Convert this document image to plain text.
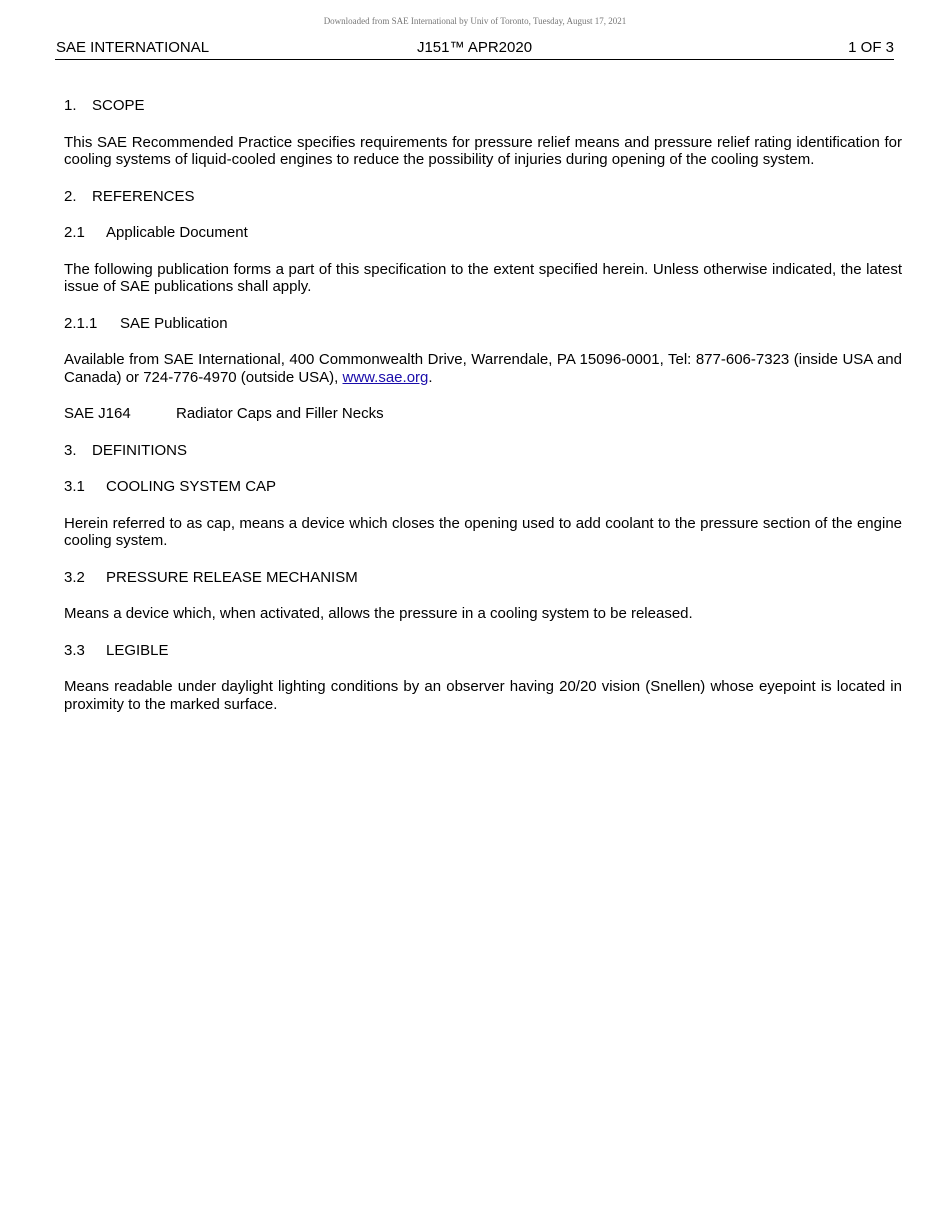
Downloaded from SAE International by Univ of Toronto, Tuesday, August 17, 2021
SAE INTERNATIONAL	J151™ APR2020	1 OF 3
1. SCOPE

This SAE Recommended Practice specifies requirements for pressure relief means and pressure relief rating identification for cooling systems of liquid-cooled engines to reduce the possibility of injuries during opening of the cooling system.

2. REFERENCES
2.1 Applicable Document

The following publication forms a part of this specification to the extent specified herein. Unless otherwise indicated, the latest issue of SAE publications shall apply.

2.1.1 SAE Publication

Available from SAE International, 400 Commonwealth Drive, Warrendale, PA 15096-0001, Tel: 877-606-7323 (inside USA and Canada) or 724-776-4970 (outside USA), www.sae.org.

SAE J164	Radiator Caps and Filler Necks
3. DEFINITIONS
3.1 COOLING SYSTEM CAP

Herein referred to as cap, means a device which closes the opening used to add coolant to the pressure section of the engine cooling system.

3.2 PRESSURE RELEASE MECHANISM

Means a device which, when activated, allows the pressure in a cooling system to be released.

3.3 LEGIBLE

Means readable under daylight lighting conditions by an observer having 20/20 vision (Snellen) whose eyepoint is located in proximity to the marked surface.
